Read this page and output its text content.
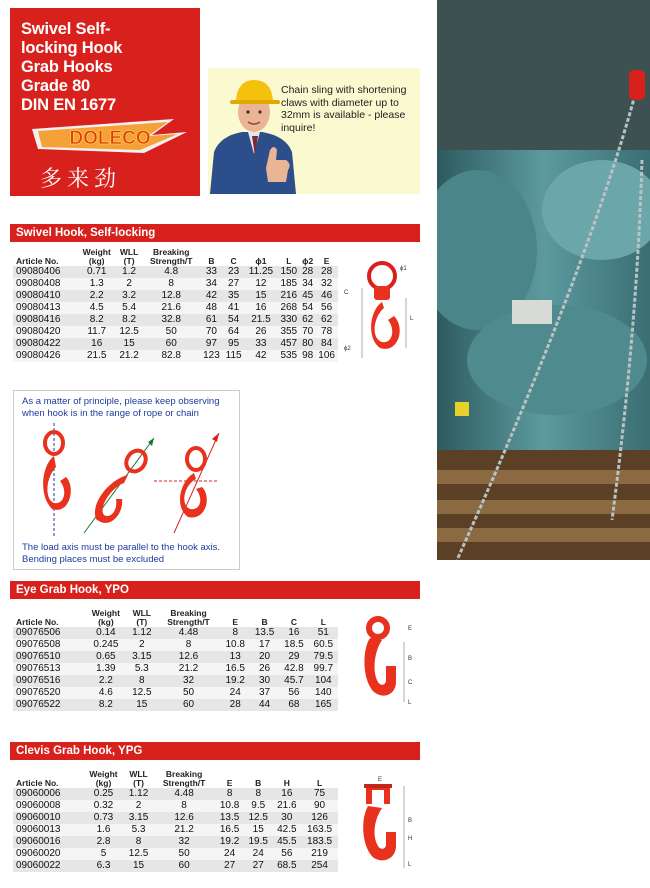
Swivel Self-
locking Hook
Grab Hooks
Grade 80
DIN EN 1677
DOLECO
多来劲
Chain sling with shortening claws with diameter up to 32mm is available - please inquire!
Swivel Hook, Self-locking
Article No.	Weight
(kg)	WLL
(T)	Breaking
Strength/T	B	C	ϕ1	L	ϕ2	E
09080406	0.71	1.2	4.8	33	23	11.25	150	28	28
09080408	1.3	2	8	34	27	12	185	34	32
09080410	2.2	3.2	12.8	42	35	15	216	45	46
09080413	4.5	5.4	21.6	48	41	16	268	54	56
09080416	8.2	8.2	32.8	61	54	21.5	330	62	62
09080420	11.7	12.5	50	70	64	26	355	70	78
09080422	16	15	60	97	95	33	457	80	84
09080426	21.5	21.2	82.8	123	115	42	535	98	106
C
ϕ1
L
ϕ2
As a matter of principle, please keep observing when hook is in the range of rope or chain
The load axis must be parallel to the hook axis. Bending places must be excluded
Eye Grab Hook, YPO
Article No.	Weight
(kg)	WLL
(T)	Breaking
Strength/T	E	B	C	L
09076506	0.14	1.12	4.48	8	13.5	16	51
09076508	0.245	2	8	10.8	17	18.5	60.5
09076510	0.65	3.15	12.6	13	20	29	79.5
09076513	1.39	5.3	21.2	16.5	26	42.8	99.7
09076516	2.2	8	32	19.2	30	45.7	104
09076520	4.6	12.5	50	24	37	56	140
09076522	8.2	15	60	28	44	68	165
E
B
C
L
Clevis Grab Hook, YPG
Article No.	Weight
(kg)	WLL
(T)	Breaking
Strength/T	E	B	H	L
09060006	0.25	1.12	4.48	8	8	16	75
09060008	0.32	2	8	10.8	9.5	21.6	90
09060010	0.73	3.15	12.6	13.5	12.5	30	126
09060013	1.6	5.3	21.2	16.5	15	42.5	163.5
09060016	2.8	8	32	19.2	19.5	45.5	183.5
09060020	5	12.5	50	24	24	56	219
09060022	6.3	15	60	27	27	68.5	254
E
B
H
L
